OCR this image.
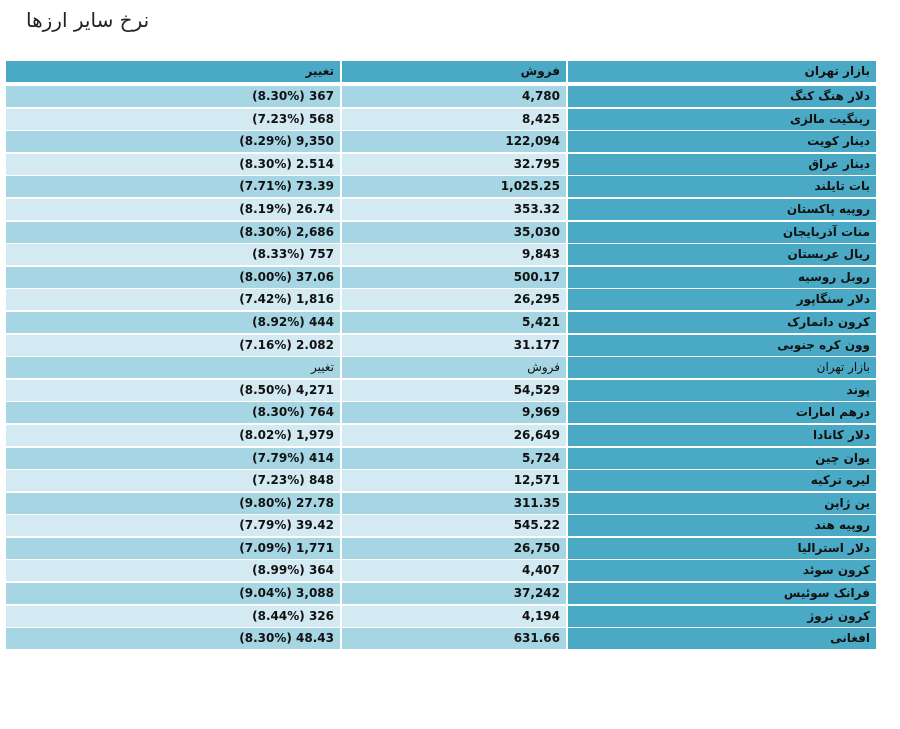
نرخ سایر ارزها
تغییر	فروش	بازار تهران
367 (8.30%)	4,780	دلار هنگ کنگ
568 (7.23%)	8,425	رینگیت مالزی
9,350 (8.29%)	122,094	دینار کویت
2.514 (8.30%)	32.795	دینار عراق
73.39 (7.71%)	1,025.25	بات تایلند
26.74 (8.19%)	353.32	روپیه پاکستان
2,686 (8.30%)	35,030	منات آذربایجان
757 (8.33%)	9,843	ریال عربستان
37.06 (8.00%)	500.17	روبل روسیه
1,816 (7.42%)	26,295	دلار سنگاپور
444 (8.92%)	5,421	کرون دانمارک
2.082 (7.16%)	31.177	وون کره جنوبی
تغییر	فروش	بازار تهران
4,271 (8.50%)	54,529	پوند
764 (8.30%)	9,969	درهم امارات
1,979 (8.02%)	26,649	دلار کانادا
414 (7.79%)	5,724	یوان چین
848 (7.23%)	12,571	لیره ترکیه
27.78 (9.80%)	311.35	ین ژاپن
39.42 (7.79%)	545.22	روپیه هند
1,771 (7.09%)	26,750	دلار استرالیا
364 (8.99%)	4,407	کرون سوئد
3,088 (9.04%)	37,242	فرانک سوئیس
326 (8.44%)	4,194	کرون نروژ
48.43 (8.30%)	631.66	افغانی
